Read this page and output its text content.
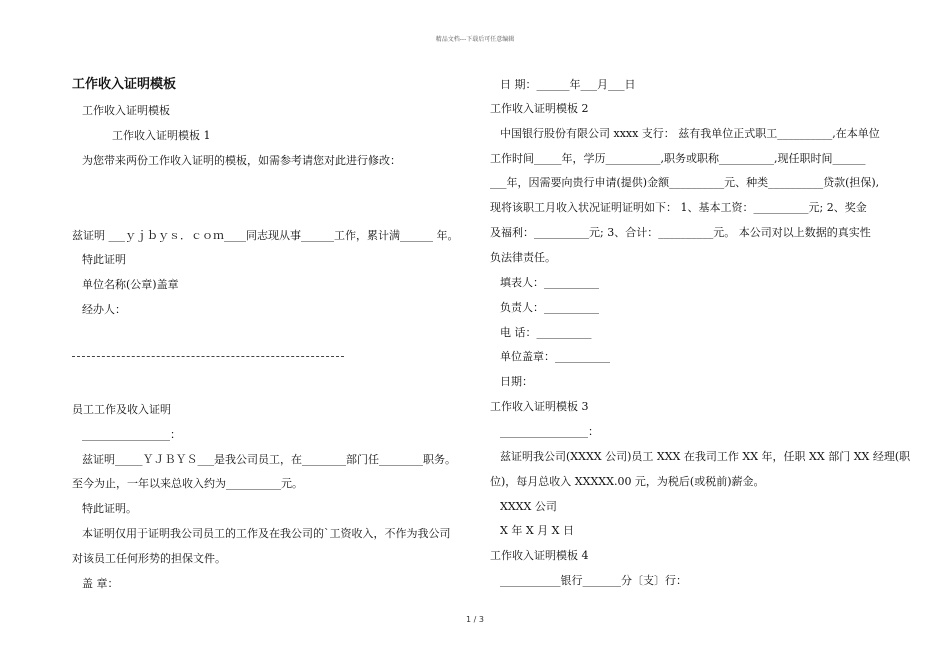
精品文档---下载后可任意编辑
工作收入证明模板
工作收入证明模板
工作收入证明模板 1
为您带来两份工作收入证明的模板，如需参考请您对此进行修改：
兹证明 ___ｙｊｂｙｓ．ｃｏｍ____同志现从事______工作，累计满______ 年。
特此证明
单位名称(公章)盖章
经办人：
员工工作及收入证明
________________：
兹证明_____ＹＪＢＹＳ___是我公司员工，在________部门任________职务。
至今为止，一年以来总收入约为__________元。
特此证明。
本证明仅用于证明我公司员工的工作及在我公司的`工资收入，不作为我公司
对该员工任何形势的担保文件。
盖 章：
日 期：______年___月___日
工作收入证明模板 2
中国银行股份有限公司 xxxx 支行： 兹有我单位正式职工__________,在本单位
工作时间_____年，学历__________,职务或职称__________,现任职时间______
___年，因需要向贵行申请(提供)金额__________元、种类__________贷款(担保),
现将该职工月收入状况证明证明如下： 1、基本工资：__________元; 2、奖金
及福利：__________元; 3、合计：__________元。 本公司对以上数据的真实性
负法律责任。
填表人：__________
负责人：__________
电 话：__________
单位盖章：__________
日期：
工作收入证明模板 3
________________：
兹证明我公司(XXXX 公司)员工 XXX 在我司工作 XX 年，任职 XX 部门 XX 经理(职
位)，每月总收入 XXXXX.00 元，为税后(或税前)薪金。
XXXX 公司
X 年 X 月 X 日
工作收入证明模板 4
___________银行_______分〔支〕行：
1 / 3
